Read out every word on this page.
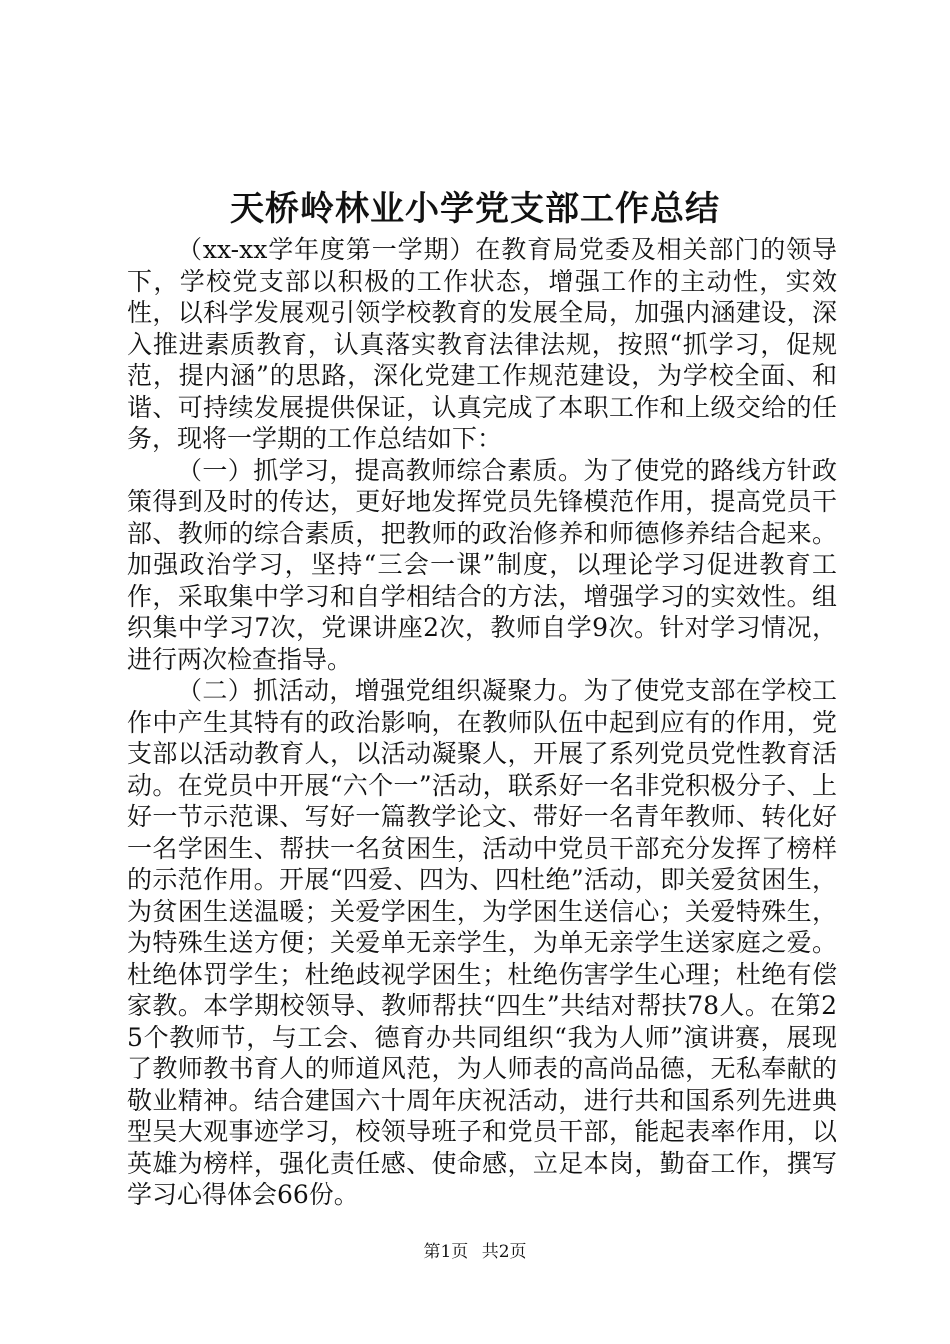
天桥岭林业小学党支部工作总结

（xx-xx学年度第一学期）在教育局党委及相关部门的领导下，学校党支部以积极的工作状态，增强工作的主动性，实效性，以科学发展观引领学校教育的发展全局，加强内涵建设，深入推进素质教育，认真落实教育法律法规，按照“抓学习，促规范，提内涵”的思路，深化党建工作规范建设，为学校全面、和谐、可持续发展提供保证，认真完成了本职工作和上级交给的任务，现将一学期的工作总结如下：

（一）抓学习，提高教师综合素质。为了使党的路线方针政策得到及时的传达，更好地发挥党员先锋模范作用，提高党员干部、教师的综合素质，把教师的政治修养和师德修养结合起来。加强政治学习，坚持“三会一课”制度，以理论学习促进教育工作，采取集中学习和自学相结合的方法，增强学习的实效性。组织集中学习7次，党课讲座2次，教师自学9次。针对学习情况，进行两次检查指导。

（二）抓活动，增强党组织凝聚力。为了使党支部在学校工作中产生其特有的政治影响，在教师队伍中起到应有的作用，党支部以活动教育人，以活动凝聚人，开展了系列党员党性教育活动。在党员中开展“六个一”活动，联系好一名非党积极分子、上好一节示范课、写好一篇教学论文、带好一名青年教师、转化好一名学困生、帮扶一名贫困生，活动中党员干部充分发挥了榜样的示范作用。开展“四爱、四为、四杜绝”活动，即关爱贫困生，为贫困生送温暖；关爱学困生，为学困生送信心；关爱特殊生，为特殊生送方便；关爱单无亲学生，为单无亲学生送家庭之爱。杜绝体罚学生；杜绝歧视学困生；杜绝伤害学生心理；杜绝有偿家教。本学期校领导、教师帮扶“四生”共结对帮扶78人。在第25个教师节，与工会、德育办共同组织“我为人师”演讲赛，展现了教师教书育人的师道风范，为人师表的高尚品德，无私奉献的敬业精神。结合建国六十周年庆祝活动，进行共和国系列先进典型吴大观事迹学习，校领导班子和党员干部，能起表率作用，以英雄为榜样，强化责任感、使命感，立足本岗，勤奋工作，撰写学习心得体会66份。

第1页 共2页
